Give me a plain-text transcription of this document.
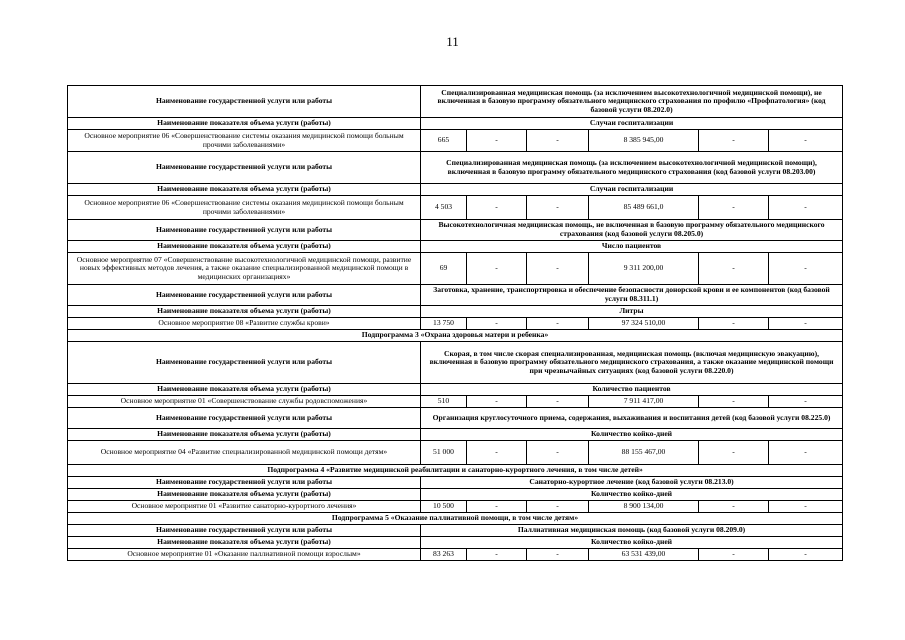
11
Наименование государственной услуги или работы	Специализированная медицинская помощь (за исключением высокотехнологичной медицинской помощи), не включенная в базовую программу обязательного медицинского страхования по профилю «Профпатология» (код базовой услуги 08.202.0)					
Наименование показателя объема услуги (работы)	Случаи госпитализации					
Основное мероприятие 06 «Совершенствование системы оказания медицинской помощи больным прочими заболеваниями»	665	-	-	8 385 945,00	-	-
Наименование государственной услуги или работы	Специализированная медицинская помощь (за исключением высокотехнологичной медицинской помощи), включенная в базовую программу обязательного медицинского страхования (код базовой услуги 08.203.00)					
Наименование показателя объема услуги (работы)	Случаи госпитализации					
Основное мероприятие 06 «Совершенствование системы оказания медицинской помощи больным прочими заболеваниями»	4 503	-	-	85 489 661,0	-	-
Наименование государственной услуги или работы	Высокотехнологичная медицинская помощь, не включенная в базовую программу обязательного медицинского страхования (код базовой услуги 08.205.0)					
Наименование показателя объема услуги (работы)	Число пациентов					
Основное мероприятие 07 «Совершенствование высокотехнологичной медицинской помощи, развитие новых эффективных методов лечения, а также оказание специализированной медицинской помощи в медицинских организациях»	69	-	-	9 311 200,00	-	-
Наименование государственной услуги или работы	Заготовка, хранение, транспортировка и обеспечение безопасности донорской крови и ее компонентов (код базовой услуги 08.311.1)					
Наименование показателя объема услуги (работы)	Литры					
Основное мероприятие 08 «Развитие службы крови»	13 750	-	-	97 324 510,00	-	-
Подпрограмма 3 «Охрана здоровья матери и ребенка»						
Наименование государственной услуги или работы	Скорая, в том числе скорая специализированная, медицинская помощь (включая медицинскую эвакуацию), включенная в базовую программу обязательного медицинского страхования, а также оказание медицинской помощи при чрезвычайных ситуациях (код базовой услуги 08.220.0)					
Наименование показателя объема услуги (работы)	Количество пациентов					
Основное мероприятие 01 «Совершенствование службы родовспоможения»	510	-	-	7 911 417,00	-	-
Наименование государственной услуги или работы	Организация круглосуточного приема, содержания, выхаживания и воспитания детей (код базовой услуги 08.225.0)					
Наименование показателя объема услуги (работы)	Количество койко-дней					
Основное мероприятие 04 «Развитие специализированной медицинской помощи детям»	51 000	-	-	88 155 467,00	-	-
Подпрограмма 4 «Развитие медицинской реабилитации и санаторно-курортного лечения, в том числе детей»						
Наименование государственной услуги или работы	Санаторно-курортное лечение (код базовой услуги 08.213.0)					
Наименование показателя объема услуги (работы)	Количество койко-дней					
Основное мероприятие 01 «Развитие санаторно-курортного лечения»	10 500	-	-	8 900 134,00	-	-
Подпрограмма 5 «Оказание паллиативной помощи, в том числе детям»						
Наименование государственной услуги или работы	Паллиативная медицинская помощь (код базовой услуги 08.209.0)					
Наименование показателя объема услуги (работы)	Количество койко-дней					
Основное мероприятие 01 «Оказание паллиативной помощи взрослым»	83 263	-	-	63 531 439,00	-	-
